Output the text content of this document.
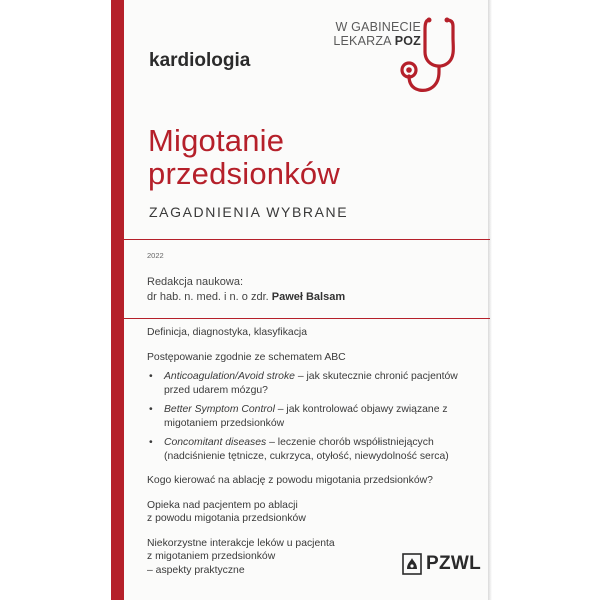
W GABINECIE
LEKARZA POZ
kardiologia
Migotanie
przedsionków
ZAGADNIENIA WYBRANE
2022
Redakcja naukowa:
dr hab. n. med. i n. o zdr. Paweł Balsam
Definicja, diagnostyka, klasyfikacja
Postępowanie zgodnie ze schematem ABC
• Anticoagulation/Avoid stroke – jak skutecznie chronić pacjentów przed udarem mózgu?
• Better Symptom Control – jak kontrolować objawy związane z migotaniem przedsionków
• Concomitant diseases – leczenie chorób współistniejących (nadciśnienie tętnicze, cukrzyca, otyłość, niewydolność serca)
Kogo kierować na ablację z powodu migotania przedsionków?
Opieka nad pacjentem po ablacji
z powodu migotania przedsionków
Niekorzystne interakcje leków u pacjenta
z migotaniem przedsionków
– aspekty praktyczne	PZWL
